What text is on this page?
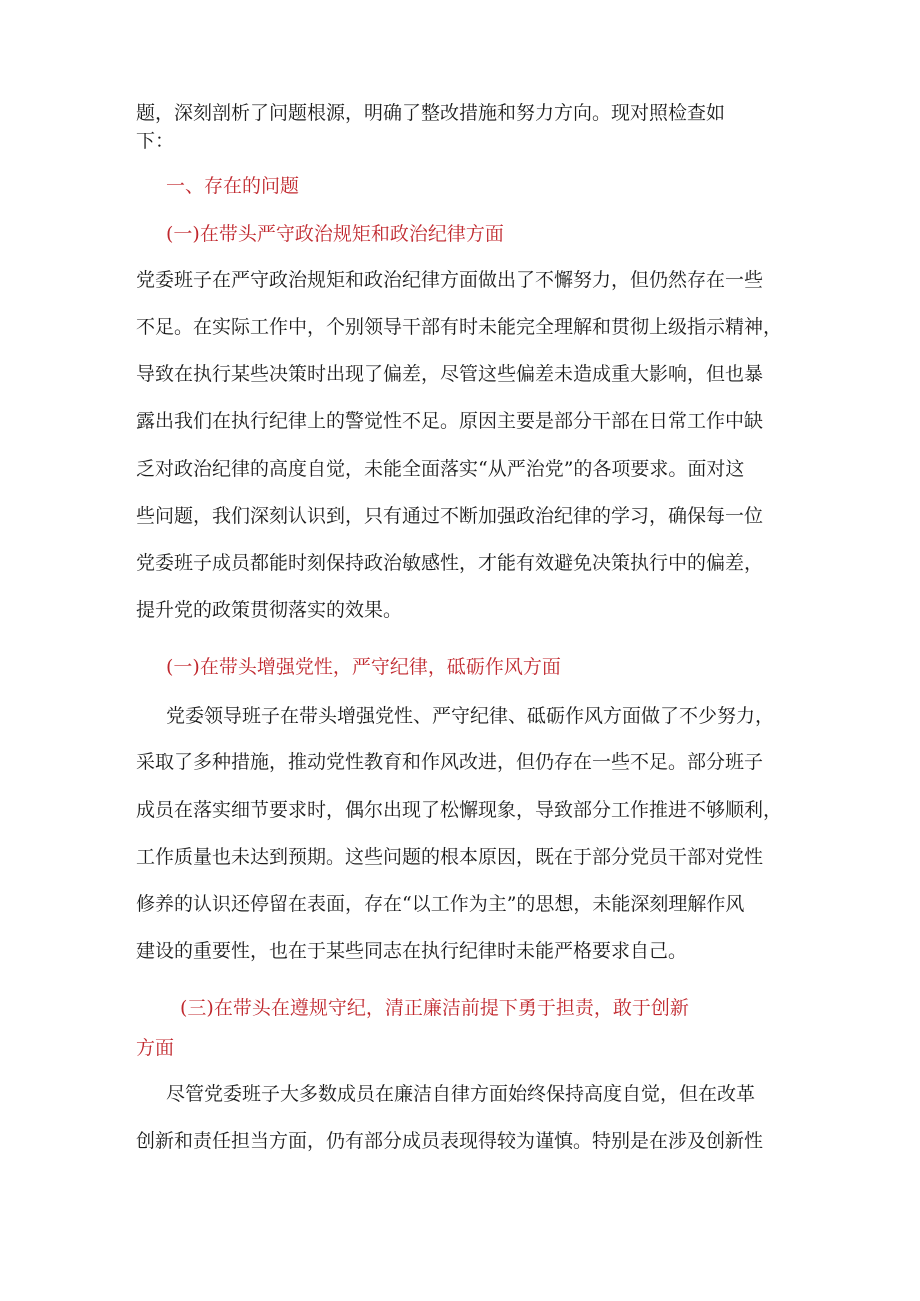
题，深刻剖析了问题根源，明确了整改措施和努力方向。现对照检查如
下：
一、存在的问题
(一)在带头严守政治规矩和政治纪律方面
党委班子在严守政治规矩和政治纪律方面做出了不懈努力，但仍然存在一些
不足。在实际工作中，个别领导干部有时未能完全理解和贯彻上级指示精神，
导致在执行某些决策时出现了偏差，尽管这些偏差未造成重大影响，但也暴
露出我们在执行纪律上的警觉性不足。原因主要是部分干部在日常工作中缺
乏对政治纪律的高度自觉，未能全面落实“从严治党”的各项要求。面对这
些问题，我们深刻认识到，只有通过不断加强政治纪律的学习，确保每一位
党委班子成员都能时刻保持政治敏感性，才能有效避免决策执行中的偏差，
提升党的政策贯彻落实的效果。
(一)在带头增强党性，严守纪律，砥砺作风方面
党委领导班子在带头增强党性、严守纪律、砥砺作风方面做了不少努力，
采取了多种措施，推动党性教育和作风改进，但仍存在一些不足。部分班子
成员在落实细节要求时，偶尔出现了松懈现象，导致部分工作推进不够顺利，
工作质量也未达到预期。这些问题的根本原因，既在于部分党员干部对党性
修养的认识还停留在表面，存在“以工作为主”的思想，未能深刻理解作风
建设的重要性，也在于某些同志在执行纪律时未能严格要求自己。
(三)在带头在遵规守纪，清正廉洁前提下勇于担责，敢于创新
方面
尽管党委班子大多数成员在廉洁自律方面始终保持高度自觉，但在改革
创新和责任担当方面，仍有部分成员表现得较为谨慎。特别是在涉及创新性
